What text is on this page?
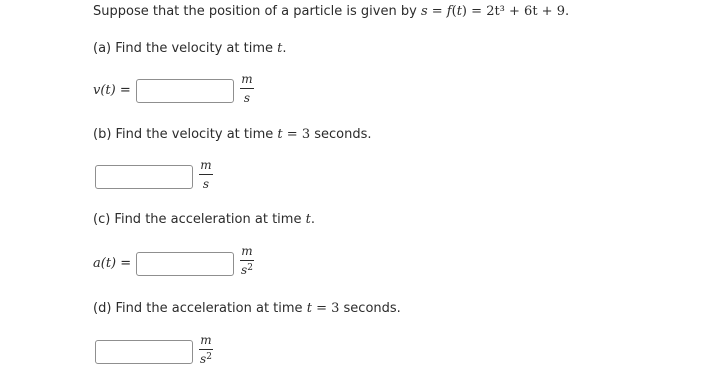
Suppose that the position of a particle is given by s = f(t) = 2t³ + 6t + 9.
(a) Find the velocity at time t.
v(t) =
m
s
(b) Find the velocity at time t = 3 seconds.
m
s
(c) Find the acceleration at time t.
a(t) =
m
$s^2$
(d) Find the acceleration at time t = 3 seconds.
m
$s^2$
